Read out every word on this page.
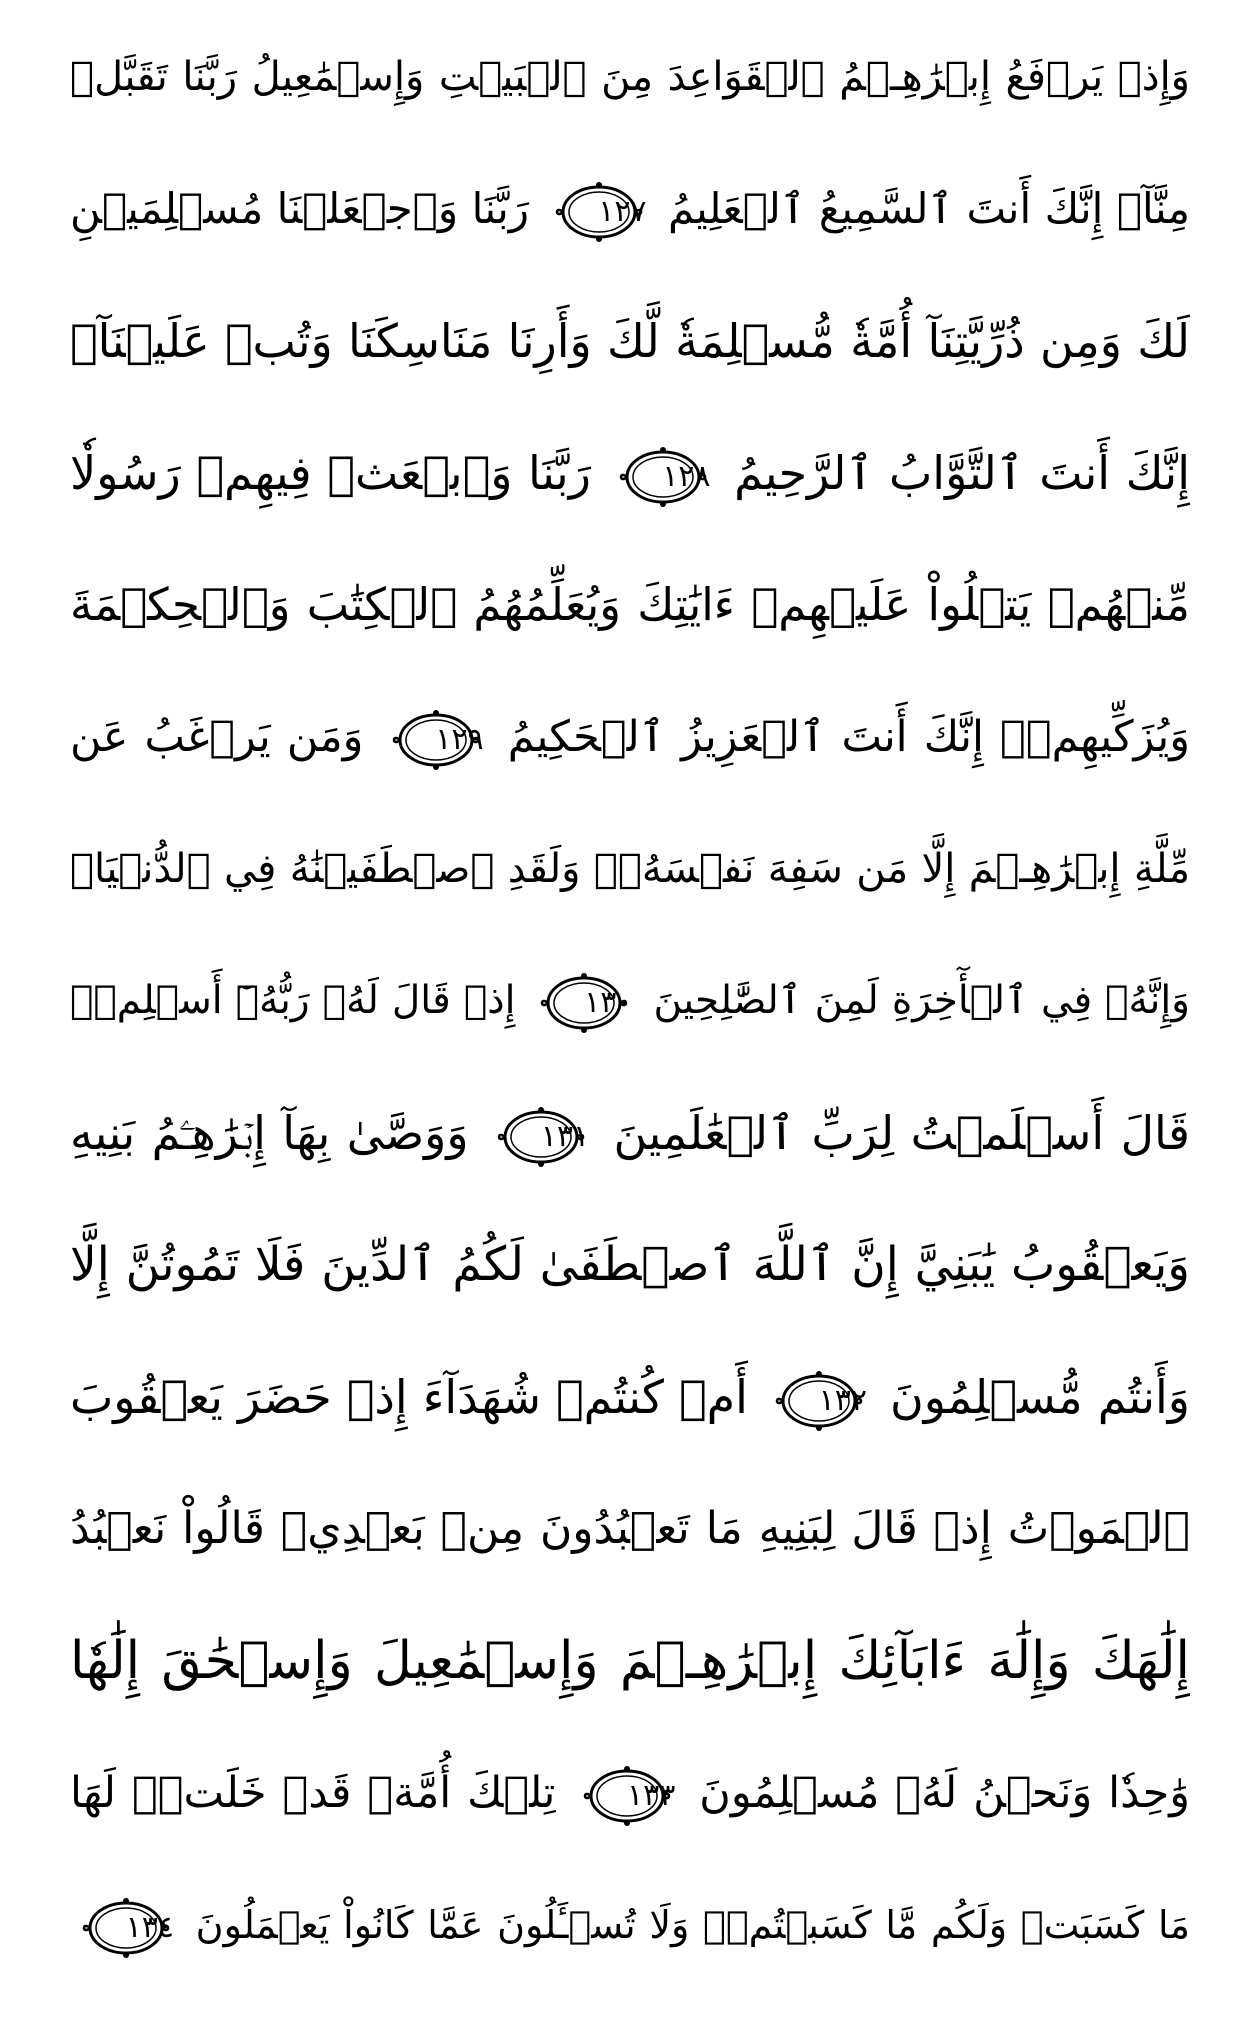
وَإِذۡ يَرۡفَعُ إِبۡرَٰهِـۧمُ ٱلۡقَوَاعِدَ مِنَ ٱلۡبَيۡتِ وَإِسۡمَٰعِيلُ رَبَّنَا تَقَبَّلۡ
مِنَّآۖ إِنَّكَ أَنتَ ٱلسَّمِيعُ ٱلۡعَلِيمُ
١٢٧
رَبَّنَا وَٱجۡعَلۡنَا مُسۡلِمَيۡنِ
لَكَ وَمِن ذُرِّيَّتِنَآ أُمَّةٗ مُّسۡلِمَةٗ لَّكَ وَأَرِنَا مَنَاسِكَنَا وَتُبۡ عَلَيۡنَآۖ
إِنَّكَ أَنتَ ٱلتَّوَّابُ ٱلرَّحِيمُ
١٢٨
رَبَّنَا وَٱبۡعَثۡ فِيهِمۡ رَسُولٗا
مِّنۡهُمۡ يَتۡلُواْ عَلَيۡهِمۡ ءَايَٰتِكَ وَيُعَلِّمُهُمُ ٱلۡكِتَٰبَ وَٱلۡحِكۡمَةَ
وَيُزَكِّيهِمۡۚ إِنَّكَ أَنتَ ٱلۡعَزِيزُ ٱلۡحَكِيمُ
١٢٩
وَمَن يَرۡغَبُ عَن
مِّلَّةِ إِبۡرَٰهِـۧمَ إِلَّا مَن سَفِهَ نَفۡسَهُۥۚ وَلَقَدِ ٱصۡطَفَيۡنَٰهُ فِي ٱلدُّنۡيَاۖ
وَإِنَّهُۥ فِي ٱلۡأٓخِرَةِ لَمِنَ ٱلصَّٰلِحِينَ
١٣٠
إِذۡ قَالَ لَهُۥ رَبُّهُۥٓ أَسۡلِمۡۖ
قَالَ أَسۡلَمۡتُ لِرَبِّ ٱلۡعَٰلَمِينَ
١٣١
وَوَصَّىٰ بِهَآ إِبۡرَٰهِـۧمُ بَنِيهِ
وَيَعۡقُوبُ يَٰبَنِيَّ إِنَّ ٱللَّهَ ٱصۡطَفَىٰ لَكُمُ ٱلدِّينَ فَلَا تَمُوتُنَّ إِلَّا
وَأَنتُم مُّسۡلِمُونَ
١٣٢
أَمۡ كُنتُمۡ شُهَدَآءَ إِذۡ حَضَرَ يَعۡقُوبَ
ٱلۡمَوۡتُ إِذۡ قَالَ لِبَنِيهِ مَا تَعۡبُدُونَ مِنۢ بَعۡدِيۖ قَالُواْ نَعۡبُدُ
إِلَٰهَكَ وَإِلَٰهَ ءَابَآئِكَ إِبۡرَٰهِـۧمَ وَإِسۡمَٰعِيلَ وَإِسۡحَٰقَ إِلَٰهٗا
وَٰحِدٗا وَنَحۡنُ لَهُۥ مُسۡلِمُونَ
١٣٣
تِلۡكَ أُمَّةٞ قَدۡ خَلَتۡۖ لَهَا
مَا كَسَبَتۡ وَلَكُم مَّا كَسَبۡتُمۡۖ وَلَا تُسۡـَٔلُونَ عَمَّا كَانُواْ يَعۡمَلُونَ
١٣٤
